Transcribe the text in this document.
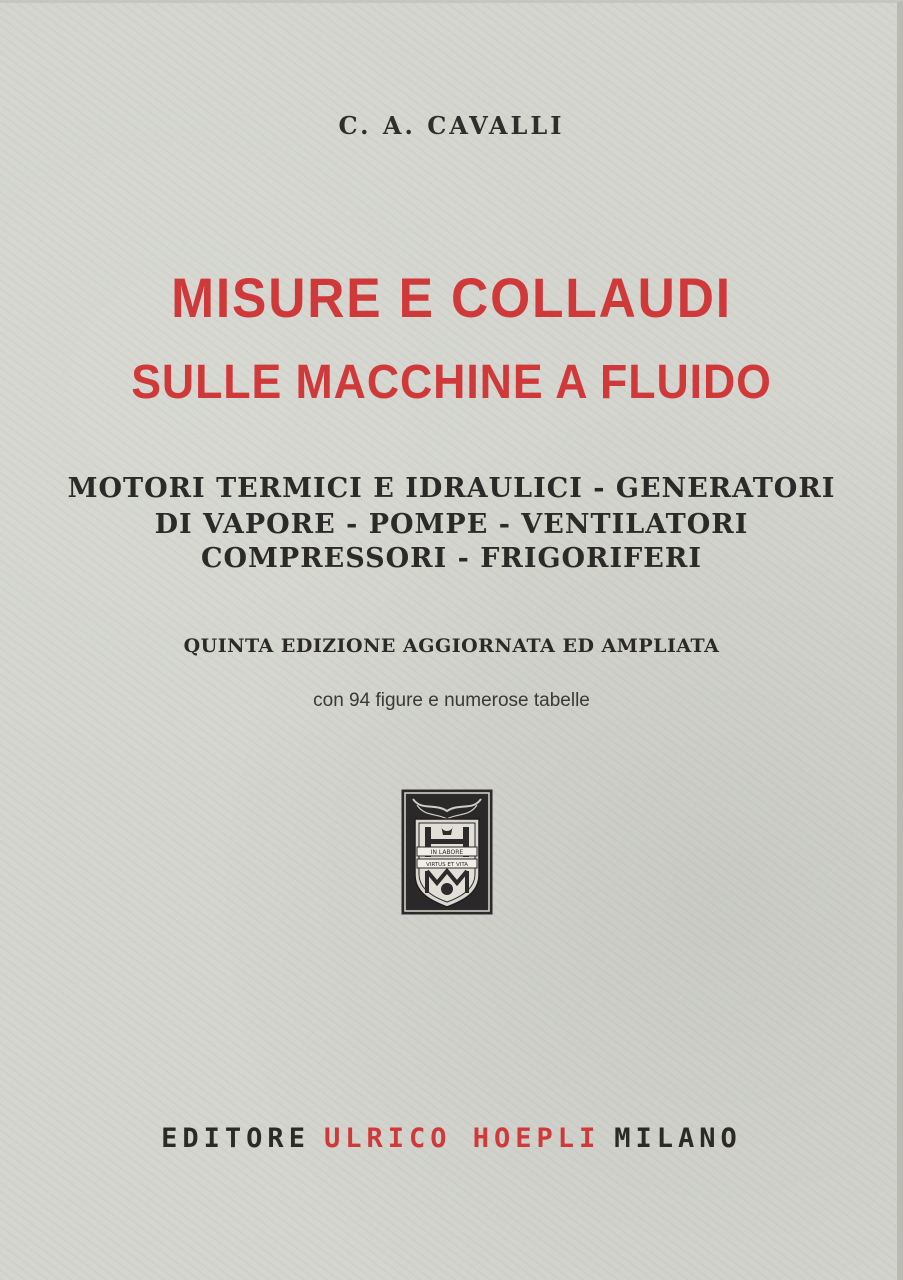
C. A. CAVALLI
MISURE E COLLAUDI
SULLE MACCHINE A FLUIDO
MOTORI TERMICI E IDRAULICI - GENERATORI
DI VAPORE - POMPE - VENTILATORI
COMPRESSORI - FRIGORIFERI
QUINTA EDIZIONE AGGIORNATA ED AMPLIATA
con 94 figure e numerose tabelle
IN LABORE
VIRTUS ET VITA
EDITORE ULRICO HOEPLI MILANO
